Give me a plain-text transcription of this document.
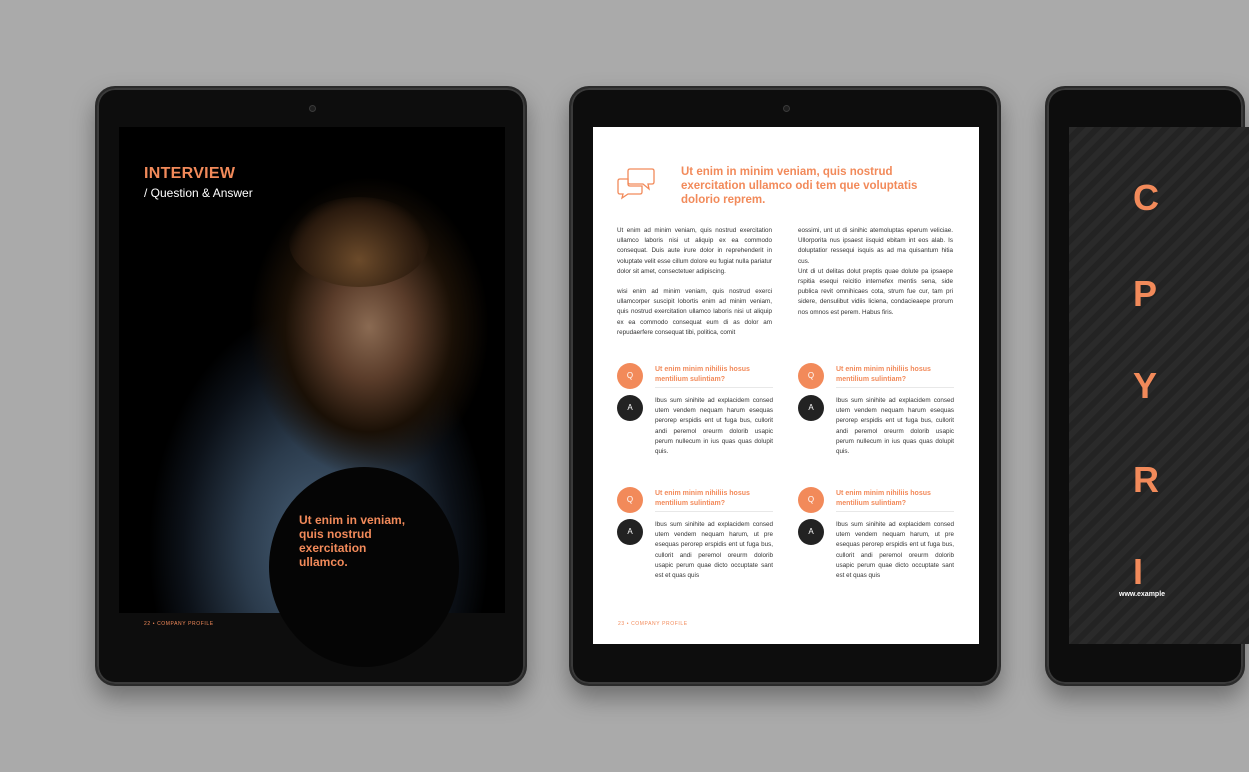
INTERVIEW
/ Question & Answer
Ut enim in veniam, quis nostrud exercitation ullamco.
22 • COMPANY PROFILE
Ut enim in minim veniam, quis nostrud exercitation ullamco odi tem que voluptatis dolorio reprem.

Ut enim ad minim veniam, quis nostrud exercitation ullamco laboris nisi ut aliquip ex ea commodo consequat. Duis aute irure dolor in reprehenderit in voluptate velit esse cillum dolore eu fugiat nulla pariatur dolor sit amet, consectetuer adipiscing.

wisi enim ad minim veniam, quis nostrud exerci ullamcorper suscipit lobortis enim ad minim veniam, quis nostrud exercitation ullamco laboris nisi ut aliquip ex ea commodo consequat eum di as dolor am repudaerfere consequat tibi, politica, comit

eossimi, unt ut di sinihic atemoluptas eperum veliciae. Ullorporita nus ipsaest iisquid ebitam int eos alab. Is doluptatior ressequi isquis as ad ma quisantum hitia cus.

Unt di ut delitas dolut preptis quae dolute pa ipsaepe rspitia esequi reicitio internefex mentis sena, side publica revit omnihicaes cota, strum fue cur, tam pri sidere, densulibut vidiis liciena, condacieaepe prorum nos omnos est perem. Habus firis.

Q
Ut enim minim nihiliis hosus mentilium sulintiam?
A
Ibus sum sinihite ad explacidem consed utem vendem nequam harum esequas perorep erspidis ent ut fuga bus, cullorit andi peremol oreurm dolorib usapic perum nullecum in ius quas quas dolupit quis.
Q
Ut enim minim nihiliis hosus mentilium sulintiam?
A
Ibus sum sinihite ad explacidem consed utem vendem nequam harum esequas perorep erspidis ent ut fuga bus, cullorit andi peremol oreurm dolorib usapic perum nullecum in ius quas quas dolupit quis.
Q
Ut enim minim nihiliis hosus mentilium sulintiam?
A
Ibus sum sinihite ad explacidem consed utem vendem nequam harum, ut pre esequas perorep erspidis ent ut fuga bus, cullorit andi peremol oreurm dolorib usapic perum quae dicto occuptate sant est et quas quis
Q
Ut enim minim nihiliis hosus mentilium sulintiam?
A
Ibus sum sinihite ad explacidem consed utem vendem nequam harum, ut pre esequas perorep erspidis ent ut fuga bus, cullorit andi peremol oreurm dolorib usapic perum quae dicto occuptate sant est et quas quis
23 • COMPANY PROFILE
C
P
Y
R
I
www.example
